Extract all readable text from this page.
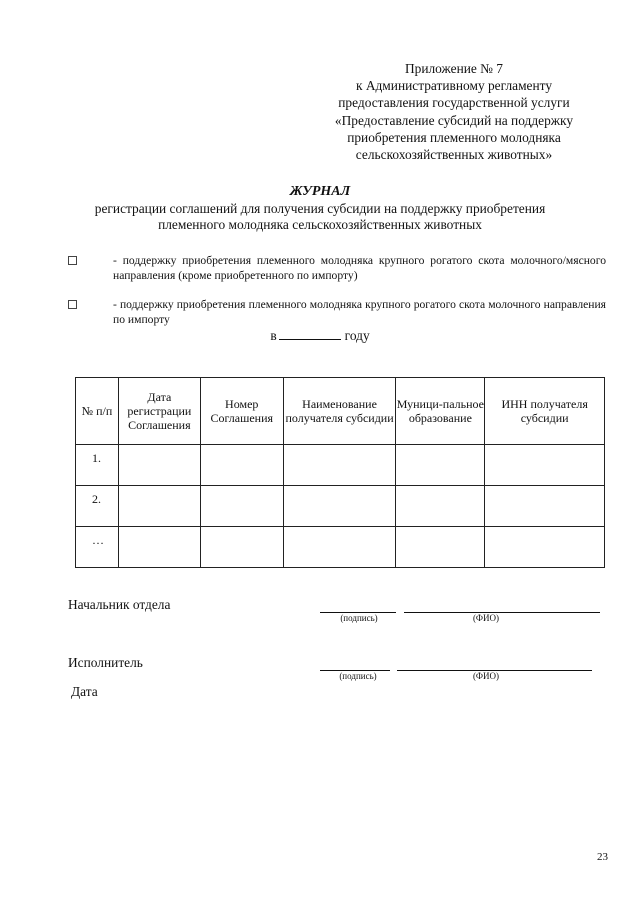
Приложение № 7
к Административному регламенту
предоставления государственной услуги
«Предоставление субсидий на поддержку
приобретения племенного молодняка
сельскохозяйственных животных»
ЖУРНАЛ
регистрации соглашений для получения субсидии на поддержку приобретения
племенного молодняка сельскохозяйственных животных
- поддержку приобретения племенного молодняка крупного рогатого скота молочного/мясного направления (кроме приобретенного по импорту)
- поддержку приобретения племенного молодняка крупного рогатого скота молочного направления по импорту
в	году
№ п/п	Дата регистрации Соглашения	Номер Соглашения	Наименование получателя субсидии	Муници-пальное образование	ИНН получателя субсидии
1.					
2.					
…					
Начальник отдела
(подпись)	(ФИО)
Исполнитель
(подпись)	(ФИО)
Дата
23
